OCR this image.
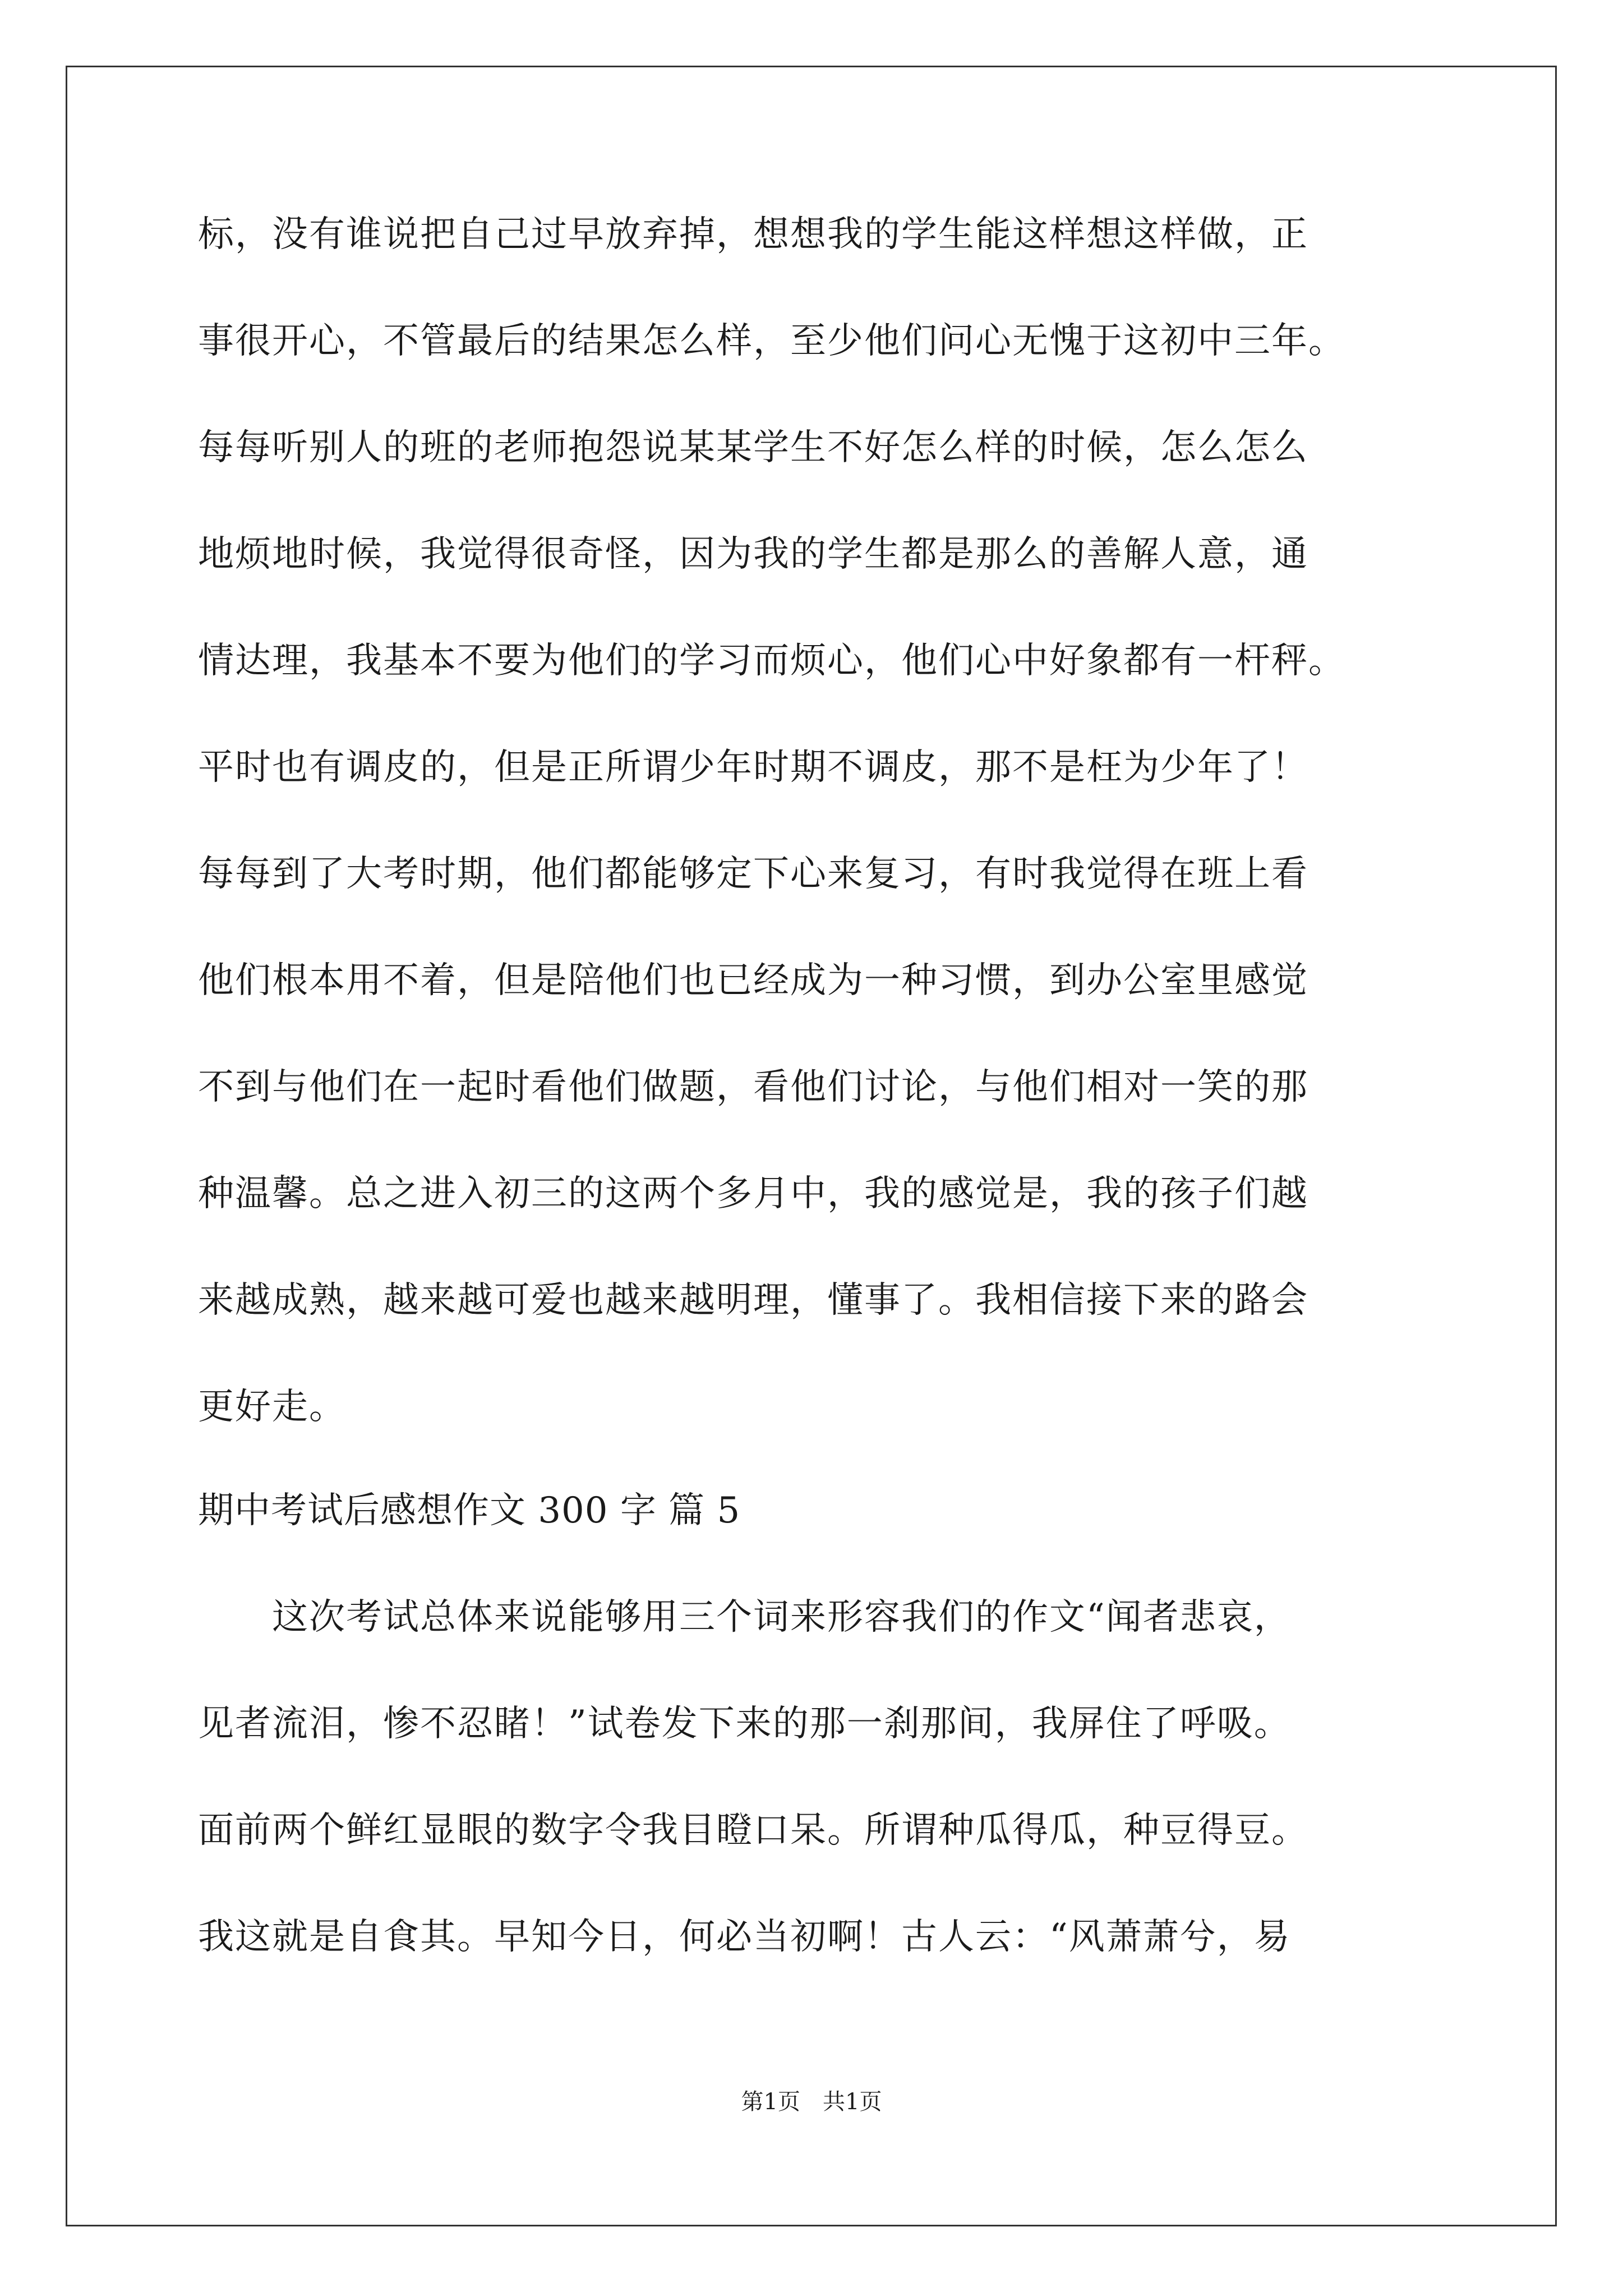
标，没有谁说把自己过早放弃掉，想想我的学生能这样想这样做，正
事很开心，不管最后的结果怎么样，至少他们问心无愧于这初中三年。
每每听别人的班的老师抱怨说某某学生不好怎么样的时候，怎么怎么
地烦地时候，我觉得很奇怪，因为我的学生都是那么的善解人意，通
情达理，我基本不要为他们的学习而烦心，他们心中好象都有一杆秤。
平时也有调皮的，但是正所谓少年时期不调皮，那不是枉为少年了！
每每到了大考时期，他们都能够定下心来复习，有时我觉得在班上看
他们根本用不着，但是陪他们也已经成为一种习惯，到办公室里感觉
不到与他们在一起时看他们做题，看他们讨论，与他们相对一笑的那
种温馨。总之进入初三的这两个多月中，我的感觉是，我的孩子们越
来越成熟，越来越可爱也越来越明理，懂事了。我相信接下来的路会
更好走。
期中考试后感想作文 300 字 篇 5
　　这次考试总体来说能够用三个词来形容我们的作文“闻者悲哀，
见者流泪，惨不忍睹！”试卷发下来的那一刹那间，我屏住了呼吸。
面前两个鲜红显眼的数字令我目瞪口呆。所谓种瓜得瓜，种豆得豆。
我这就是自食其。早知今日，何必当初啊！古人云：“风萧萧兮，易
第1页　共1页
